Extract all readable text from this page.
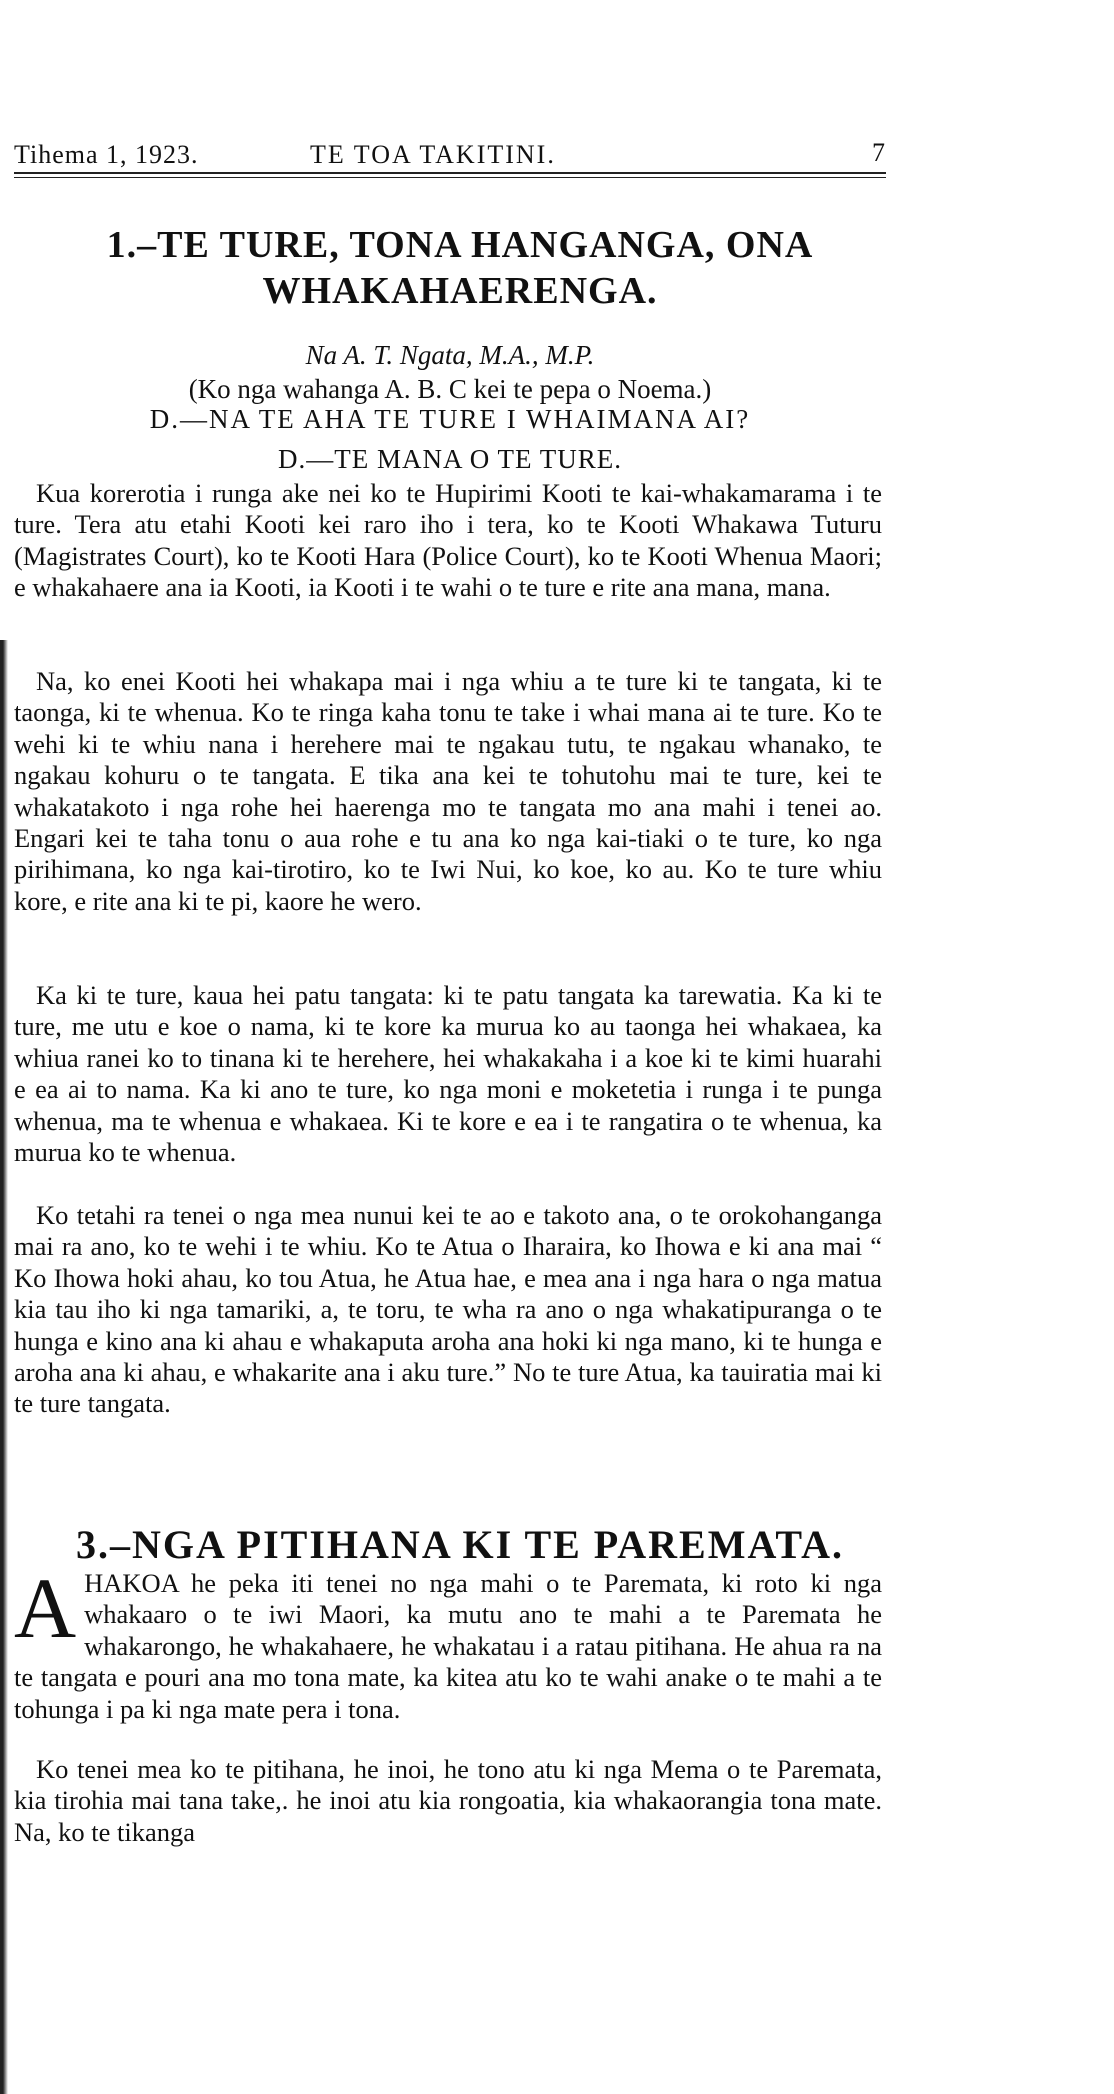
Tihema 1, 1923.	TE TOA TAKITINI.	7
1.–TE TURE, TONA HANGANGA, ONA
WHAKAHAERENGA.
Na A. T. Ngata, M.A., M.P.
(Ko nga wahanga A. B. C kei te pepa o Noema.)
D.—NA TE AHA TE TURE I WHAIMANA AI?
D.—TE MANA O TE TURE.

Kua korerotia i runga ake nei ko te Hupirimi Kooti te kai-whakamarama i te ture. Tera atu etahi Kooti kei raro iho i tera, ko te Kooti Whakawa Tuturu (Magistrates Court), ko te Kooti Hara (Police Court), ko te Kooti Whenua Maori; e whakahaere ana ia Kooti, ia Kooti i te wahi o te ture e rite ana mana, mana.

Na, ko enei Kooti hei whakapa mai i nga whiu a te ture ki te tangata, ki te taonga, ki te whenua. Ko te ringa kaha tonu te take i whai mana ai te ture. Ko te wehi ki te whiu nana i herehere mai te ngakau tutu, te ngakau whanako, te ngakau kohuru o te tangata. E tika ana kei te tohutohu mai te ture, kei te whakatakoto i nga rohe hei haerenga mo te tangata mo ana mahi i tenei ao. Engari kei te taha tonu o aua rohe e tu ana ko nga kai-tiaki o te ture, ko nga pirihimana, ko nga kai-tirotiro, ko te Iwi Nui, ko koe, ko au. Ko te ture whiu kore, e rite ana ki te pi, kaore he wero.

Ka ki te ture, kaua hei patu tangata: ki te patu tangata ka tarewatia. Ka ki te ture, me utu e koe o nama, ki te kore ka murua ko au taonga hei whakaea, ka whiua ranei ko to tinana ki te herehere, hei whakakaha i a koe ki te kimi huarahi e ea ai to nama. Ka ki ano te ture, ko nga moni e moketetia i runga i te punga whenua, ma te whenua e whakaea. Ki te kore e ea i te rangatira o te whenua, ka murua ko te whenua.

Ko tetahi ra tenei o nga mea nunui kei te ao e takoto ana, o te orokohanganga mai ra ano, ko te wehi i te whiu. Ko te Atua o Iharaira, ko Ihowa e ki ana mai “ Ko Ihowa hoki ahau, ko tou Atua, he Atua hae, e mea ana i nga hara o nga matua kia tau iho ki nga tamariki, a, te toru, te wha ra ano o nga whakatipuranga o te hunga e kino ana ki ahau e whakaputa aroha ana hoki ki nga mano, ki te hunga e aroha ana ki ahau, e whakarite ana i aku ture.” No te ture Atua, ka tauiratia mai ki te ture tangata.

3.–NGA PITIHANA KI TE PAREMATA.
AHAKOA he peka iti tenei no nga mahi o te Paremata, ki roto ki nga whakaaro o te iwi Maori, ka mutu ano te mahi a te Paremata he whakarongo, he whakahaere, he whakatau i a ratau pitihana. He ahua ra na te tangata e pouri ana mo tona mate, ka kitea atu ko te wahi anake o te mahi a te tohunga i pa ki nga mate pera i tona.

Ko tenei mea ko te pitihana, he inoi, he tono atu ki nga Mema o te Paremata, kia tirohia mai tana take,. he inoi atu kia rongoatia, kia whakaorangia tona mate. Na, ko te tikanga
